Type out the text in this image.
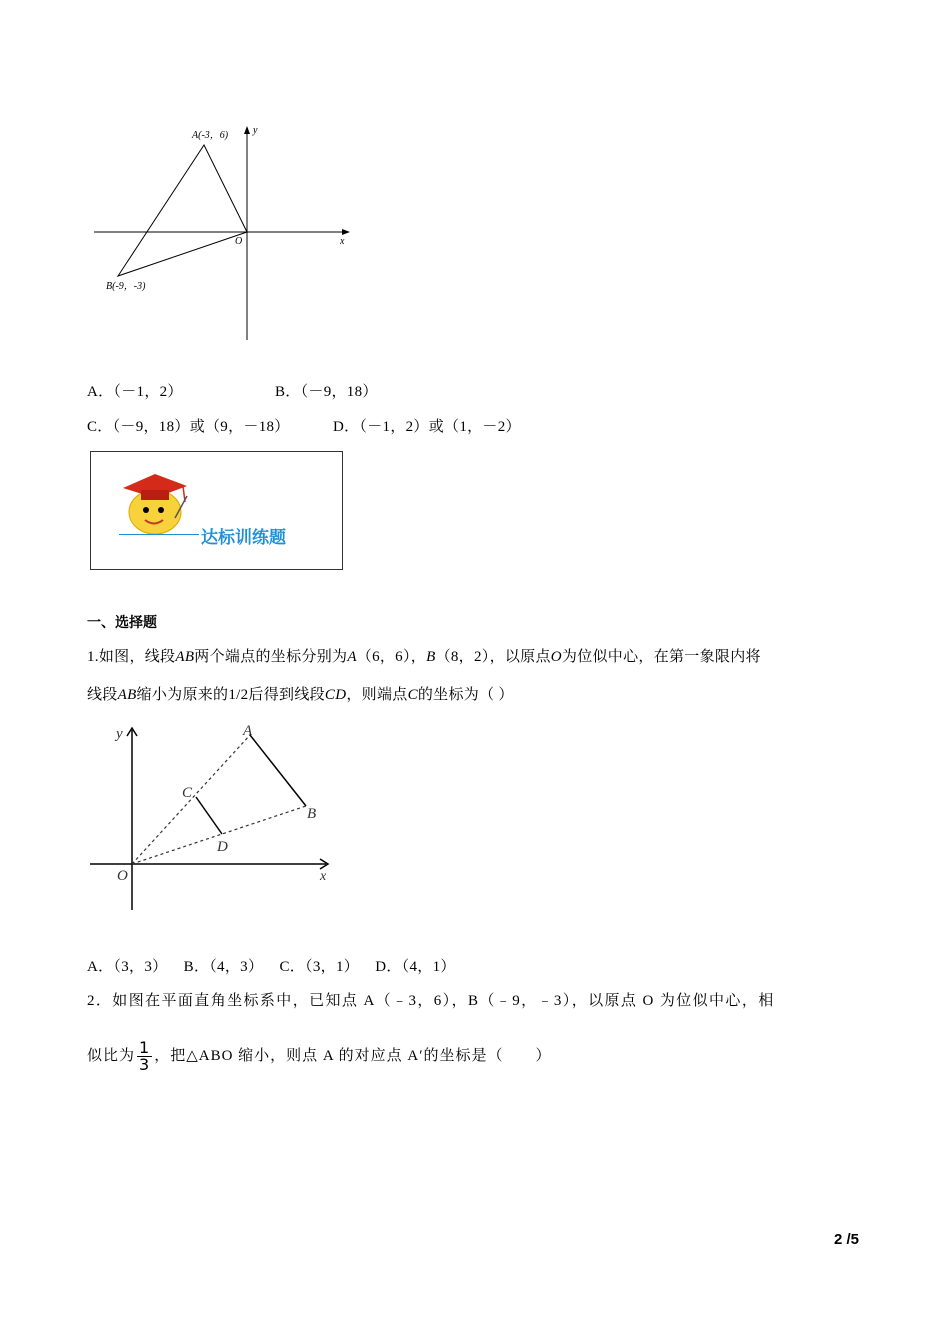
A(-3，6)
B(-9，-3)
O	x
y
A．（－1，2）	B．（－9，18）
C．（－9，18）或（9，－18）	D．（－1，2）或（1，－2）
达标训练题
一、选择题
1.如图，线段AB两个端点的坐标分别为A（6，6），B（8，2），以原点O为位似中心，在第一象限内将
线段AB缩小为原来的1/2后得到线段CD，则端点C的坐标为（ ）
A
B
C
D
O	x
y
A．（3，3）    B．（4，3）    C．（3，1）    D．（4，1）
2．如图在平面直角坐标系中，已知点 A（﹣3，6），B（﹣9，﹣3），以原点 O 为位似中心，相
似比为 $\frac{1}{3}$ ，把△ABO 缩小，则点 A 的对应点 A′的坐标是（　　）
2 /5
